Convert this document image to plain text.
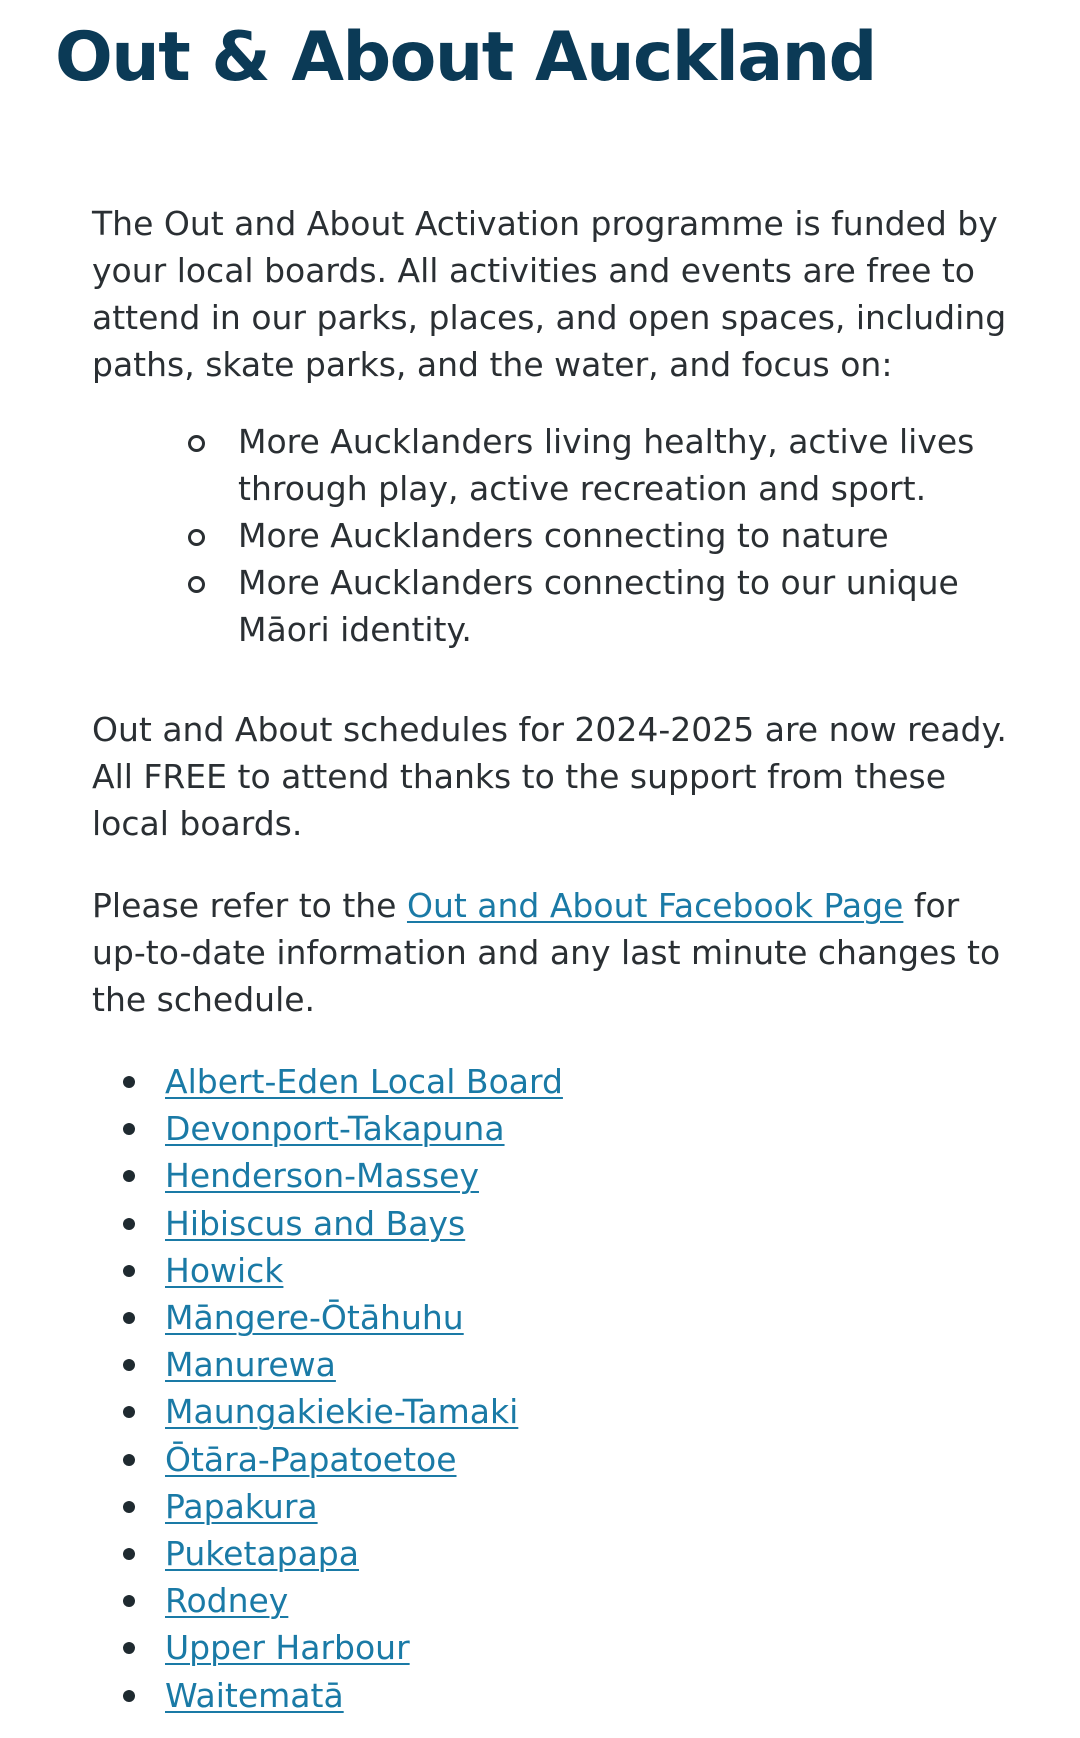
Out & About Auckland

The Out and About Activation programme is funded by your local boards. All activities and events are free to attend in our parks, places, and open spaces, including paths, skate parks, and the water, and focus on:

More Aucklanders living healthy, active lives through play, active recreation and sport.
More Aucklanders connecting to nature
More Aucklanders connecting to our unique Māori identity.

Out and About schedules for 2024-2025 are now ready. All FREE to attend thanks to the support from these local boards.

Please refer to the Out and About Facebook Page for up-to-date information and any last minute changes to the schedule.

Albert-Eden Local Board
Devonport-Takapuna
Henderson-Massey
Hibiscus and Bays
Howick
Māngere-Ōtāhuhu
Manurewa
Maungakiekie-Tamaki
Ōtāra-Papatoetoe
Papakura
Puketapapa
Rodney
Upper Harbour
Waitematā
